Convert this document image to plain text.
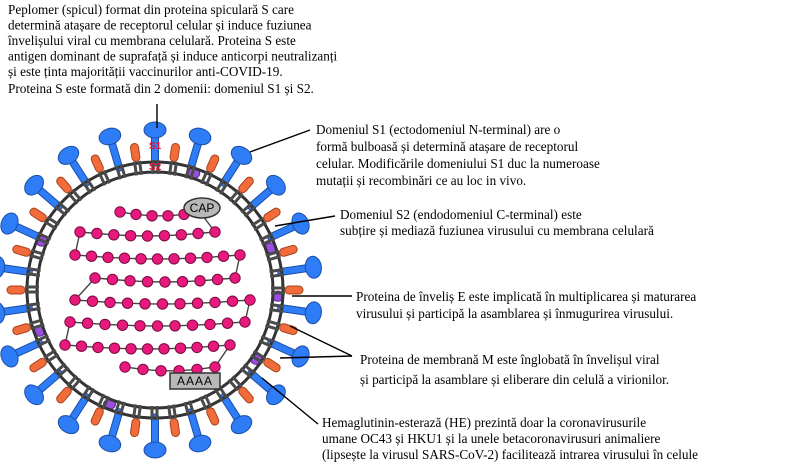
CAP
AAAA
S1
S2
Peplomer (spicul) format din proteina spiculară S care determină atașare de receptorul celular și induce fuziunea învelișului viral cu membrana celulară. Proteina S este antigen dominant de suprafață și induce anticorpi neutralizanți și este ținta majorității vaccinurilor anti-COVID-19. Proteina S este formată din 2 domenii: domeniul S1 și S2.
Domeniul S1 (ectodomeniul N-terminal) are o formă bulboasă și determină atașare de receptorul celular. Modificările domeniului S1 duc la numeroase mutații și recombinări ce au loc in vivo.
Domeniul S2 (endodomeniul C-terminal) este subțire și mediază fuziunea virusului cu membrana celulară
Proteina de înveliș E este implicată în multiplicarea și maturarea virusului și participă la asamblarea și înmugurirea virusului.
Proteina de membrană M este înglobată în învelișul viral și participă la asamblare și eliberare din celulă a virionilor.
Hemaglutinin-esterază (HE) prezintă doar la coronavirusurile umane OC43 și HKU1 și la unele betacoronavirusuri animaliere (lipsește la virusul SARS-CoV-2) facilitează intrarea virusului în celule
